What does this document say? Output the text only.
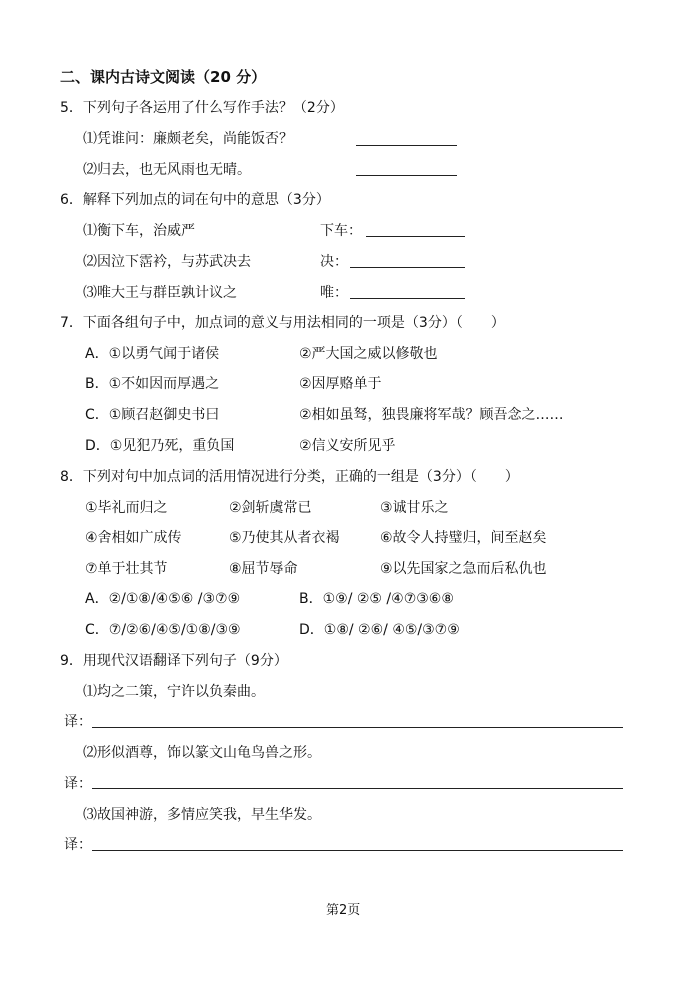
二、课内古诗文阅读（20 分）
5．下列句子各运用了什么写作手法？（2分）
⑴凭谁问：廉颇老矣，尚能饭否？
⑵归去，也无风雨也无晴。
6．解释下列加点的词在句中的意思（3分）
⑴衡下车，治威严	下车：
⑵因泣下霑衿，与苏武决去	决：
⑶唯大王与群臣孰计议之	唯：
7．下面各组句子中，加点词的意义与用法相同的一项是（3分）（　　）
A．①以勇气闻于诸侯	②严大国之威以修敬也
B．①不如因而厚遇之	②因厚赂单于
C．①顾召赵御史书曰	②相如虽驽，独畏廉将军哉？顾吾念之……
D．①见犯乃死，重负国	②信义安所见乎
8．下列对句中加点词的活用情况进行分类，正确的一组是（3分）（　　）
①毕礼而归之	②剑斩虞常已	③诚甘乐之
④舍相如广成传	⑤乃使其从者衣褐	⑥故令人持璧归，间至赵矣
⑦单于壮其节	⑧屈节辱命	⑨以先国家之急而后私仇也
A．②/①⑧/④⑤⑥ /③⑦⑨	B．①⑨/ ②⑤ /④⑦③⑥⑧
C．⑦/②⑥/④⑤/①⑧/③⑨	D．①⑧/ ②⑥/ ④⑤/③⑦⑨
9．用现代汉语翻译下列句子（9分）
⑴均之二策，宁许以负秦曲。
译：
⑵形似酒尊，饰以篆文山龟鸟兽之形。
译：
⑶故国神游，多情应笑我，早生华发。
译：
第2页
